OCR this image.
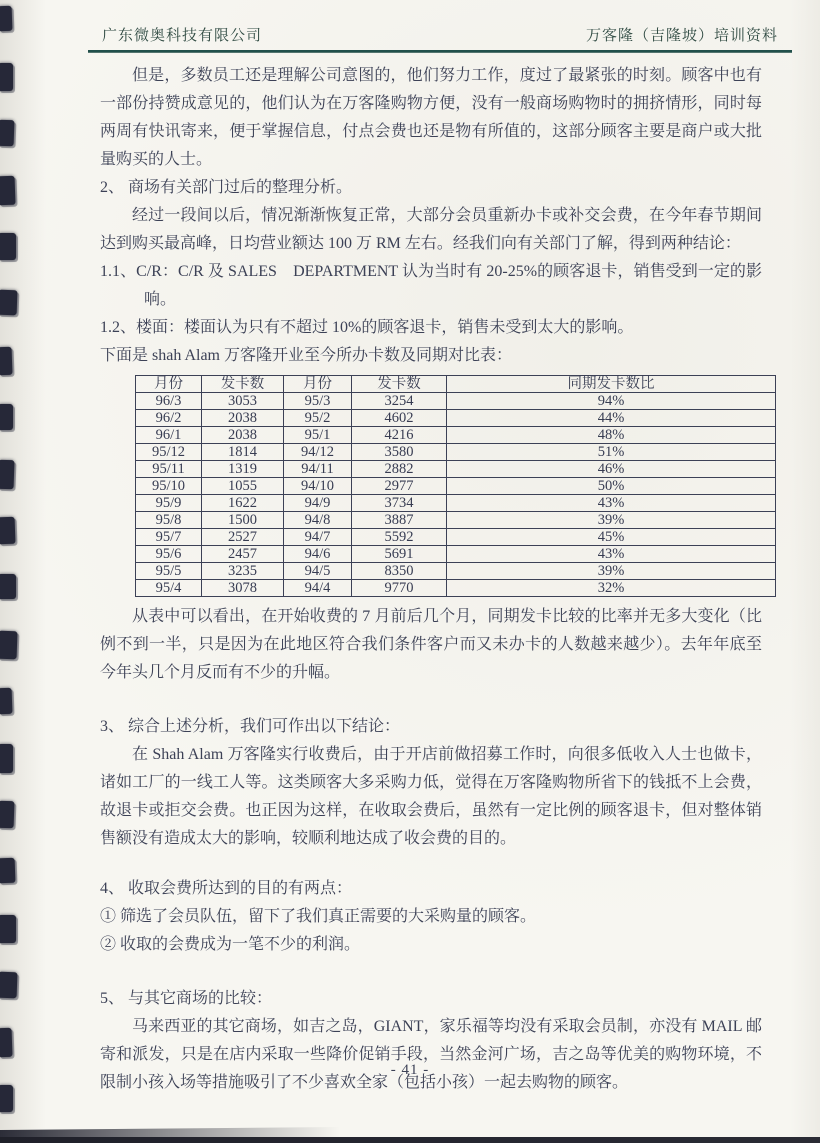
广东微奥科技有限公司	万客隆（吉隆坡）培训资料

但是，多数员工还是理解公司意图的，他们努力工作，度过了最紧张的时刻。顾客中也有一部份持赞成意见的，他们认为在万客隆购物方便，没有一般商场购物时的拥挤情形，同时每两周有快讯寄来，便于掌握信息，付点会费也还是物有所值的，这部分顾客主要是商户或大批量购买的人士。

2、 商场有关部门过后的整理分析。

经过一段间以后，情况渐渐恢复正常，大部分会员重新办卡或补交会费，在今年春节期间达到购买最高峰，日均营业额达 100 万 RM 左右。经我们向有关部门了解，得到两种结论：

1.1、C/R：C/R 及 SALES　DEPARTMENT 认为当时有 20-25%的顾客退卡，销售受到一定的影响。

1.2、楼面：楼面认为只有不超过 10%的顾客退卡，销售未受到太大的影响。

下面是 shah Alam 万客隆开业至今所办卡数及同期对比表：

月份	发卡数	月份	发卡数	同期发卡数比
96/3	3053	95/3	3254	94%
96/2	2038	95/2	4602	44%
96/1	2038	95/1	4216	48%
95/12	1814	94/12	3580	51%
95/11	1319	94/11	2882	46%
95/10	1055	94/10	2977	50%
95/9	1622	94/9	3734	43%
95/8	1500	94/8	3887	39%
95/7	2527	94/7	5592	45%
95/6	2457	94/6	5691	43%
95/5	3235	94/5	8350	39%
95/4	3078	94/4	9770	32%

从表中可以看出，在开始收费的 7 月前后几个月，同期发卡比较的比率并无多大变化（比例不到一半，只是因为在此地区符合我们条件客户而又未办卡的人数越来越少）。去年年底至今年头几个月反而有不少的升幅。

3、 综合上述分析，我们可作出以下结论：

在 Shah Alam 万客隆实行收费后，由于开店前做招募工作时，向很多低收入人士也做卡，诸如工厂的一线工人等。这类顾客大多采购力低，觉得在万客隆购物所省下的钱抵不上会费，故退卡或拒交会费。也正因为这样，在收取会费后，虽然有一定比例的顾客退卡，但对整体销售额没有造成太大的影响，较顺利地达成了收会费的目的。

4、 收取会费所达到的目的有两点：

① 筛选了会员队伍，留下了我们真正需要的大采购量的顾客。

② 收取的会费成为一笔不少的利润。

5、 与其它商场的比较：

马来西亚的其它商场，如吉之岛，GIANT，家乐福等均没有采取会员制，亦没有 MAIL 邮寄和派发，只是在店内采取一些降价促销手段，当然金河广场，吉之岛等优美的购物环境，不限制小孩入场等措施吸引了不少喜欢全家（包括小孩）一起去购物的顾客。

- 41 -
